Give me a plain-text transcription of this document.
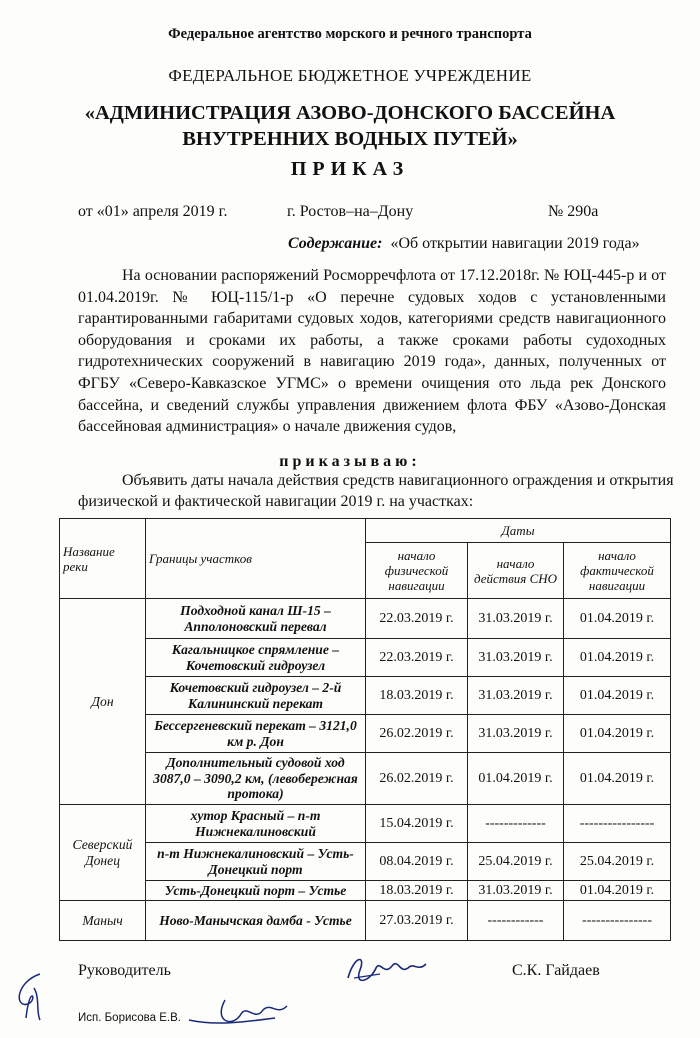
Федеральное агентство морского и речного транспорта
ФЕДЕРАЛЬНОЕ БЮДЖЕТНОЕ УЧРЕЖДЕНИЕ
«АДМИНИСТРАЦИЯ АЗОВО-ДОНСКОГО БАССЕЙНА
ВНУТРЕННИХ ВОДНЫХ ПУТЕЙ»
ПРИКАЗ
от «01» апреля 2019 г.	г. Ростов–на–Дону	№ 290а
Содержание: «Об открытии навигации 2019 года»
На основании распоряжений Росморречфлота от 17.12.2018г. № ЮЦ-445-р и от 01.04.2019г. № ЮЦ-115/1-р «О перечне судовых ходов с установленными гарантированными габаритами судовых ходов, категориями средств навигационного оборудования и сроками их работы, а также сроками работы судоходных гидротехнических сооружений в навигацию 2019 года», данных, полученных от ФГБУ «Северо-Кавказское УГМС» о времени очищения ото льда рек Донского бассейна, и сведений службы управления движением флота ФБУ «Азово-Донская бассейновая администрация» о начале движения судов,
приказываю:
Объявить даты начала действия средств навигационного ограждения и открытия физической и фактической навигации 2019 г. на участках:
Название реки	Границы участков	Даты		
		начало физической навигации	начало действия СНО	начало фактической навигации
Дон	Подходной канал Ш-15 – Апполоновский перевал	22.03.2019 г.	31.03.2019 г.	01.04.2019 г.
	Кагальницкое спрямление – Кочетовский гидроузел	22.03.2019 г.	31.03.2019 г.	01.04.2019 г.
	Кочетовский гидроузел – 2-й Калининский перекат	18.03.2019 г.	31.03.2019 г.	01.04.2019 г.
	Бессергеневский перекат – 3121,0 км р. Дон	26.02.2019 г.	31.03.2019 г.	01.04.2019 г.
	Дополнительный судовой ход 3087,0 – 3090,2 км, (левобережная протока)	26.02.2019 г.	01.04.2019 г.	01.04.2019 г.
Северский Донец	хутор Красный – п-т Нижнекалиновский	15.04.2019 г.	-------------	----------------
	п-т Нижнекалиновский – Усть-Донецкий порт	08.04.2019 г.	25.04.2019 г.	25.04.2019 г.
	Усть-Донецкий порт – Устье	18.03.2019 г.	31.03.2019 г.	01.04.2019 г.
Маныч	Ново-Манычская дамба - Устье	27.03.2019 г.	------------	---------------
Руководитель	С.К. Гайдаев
Исп. Борисова Е.В.
